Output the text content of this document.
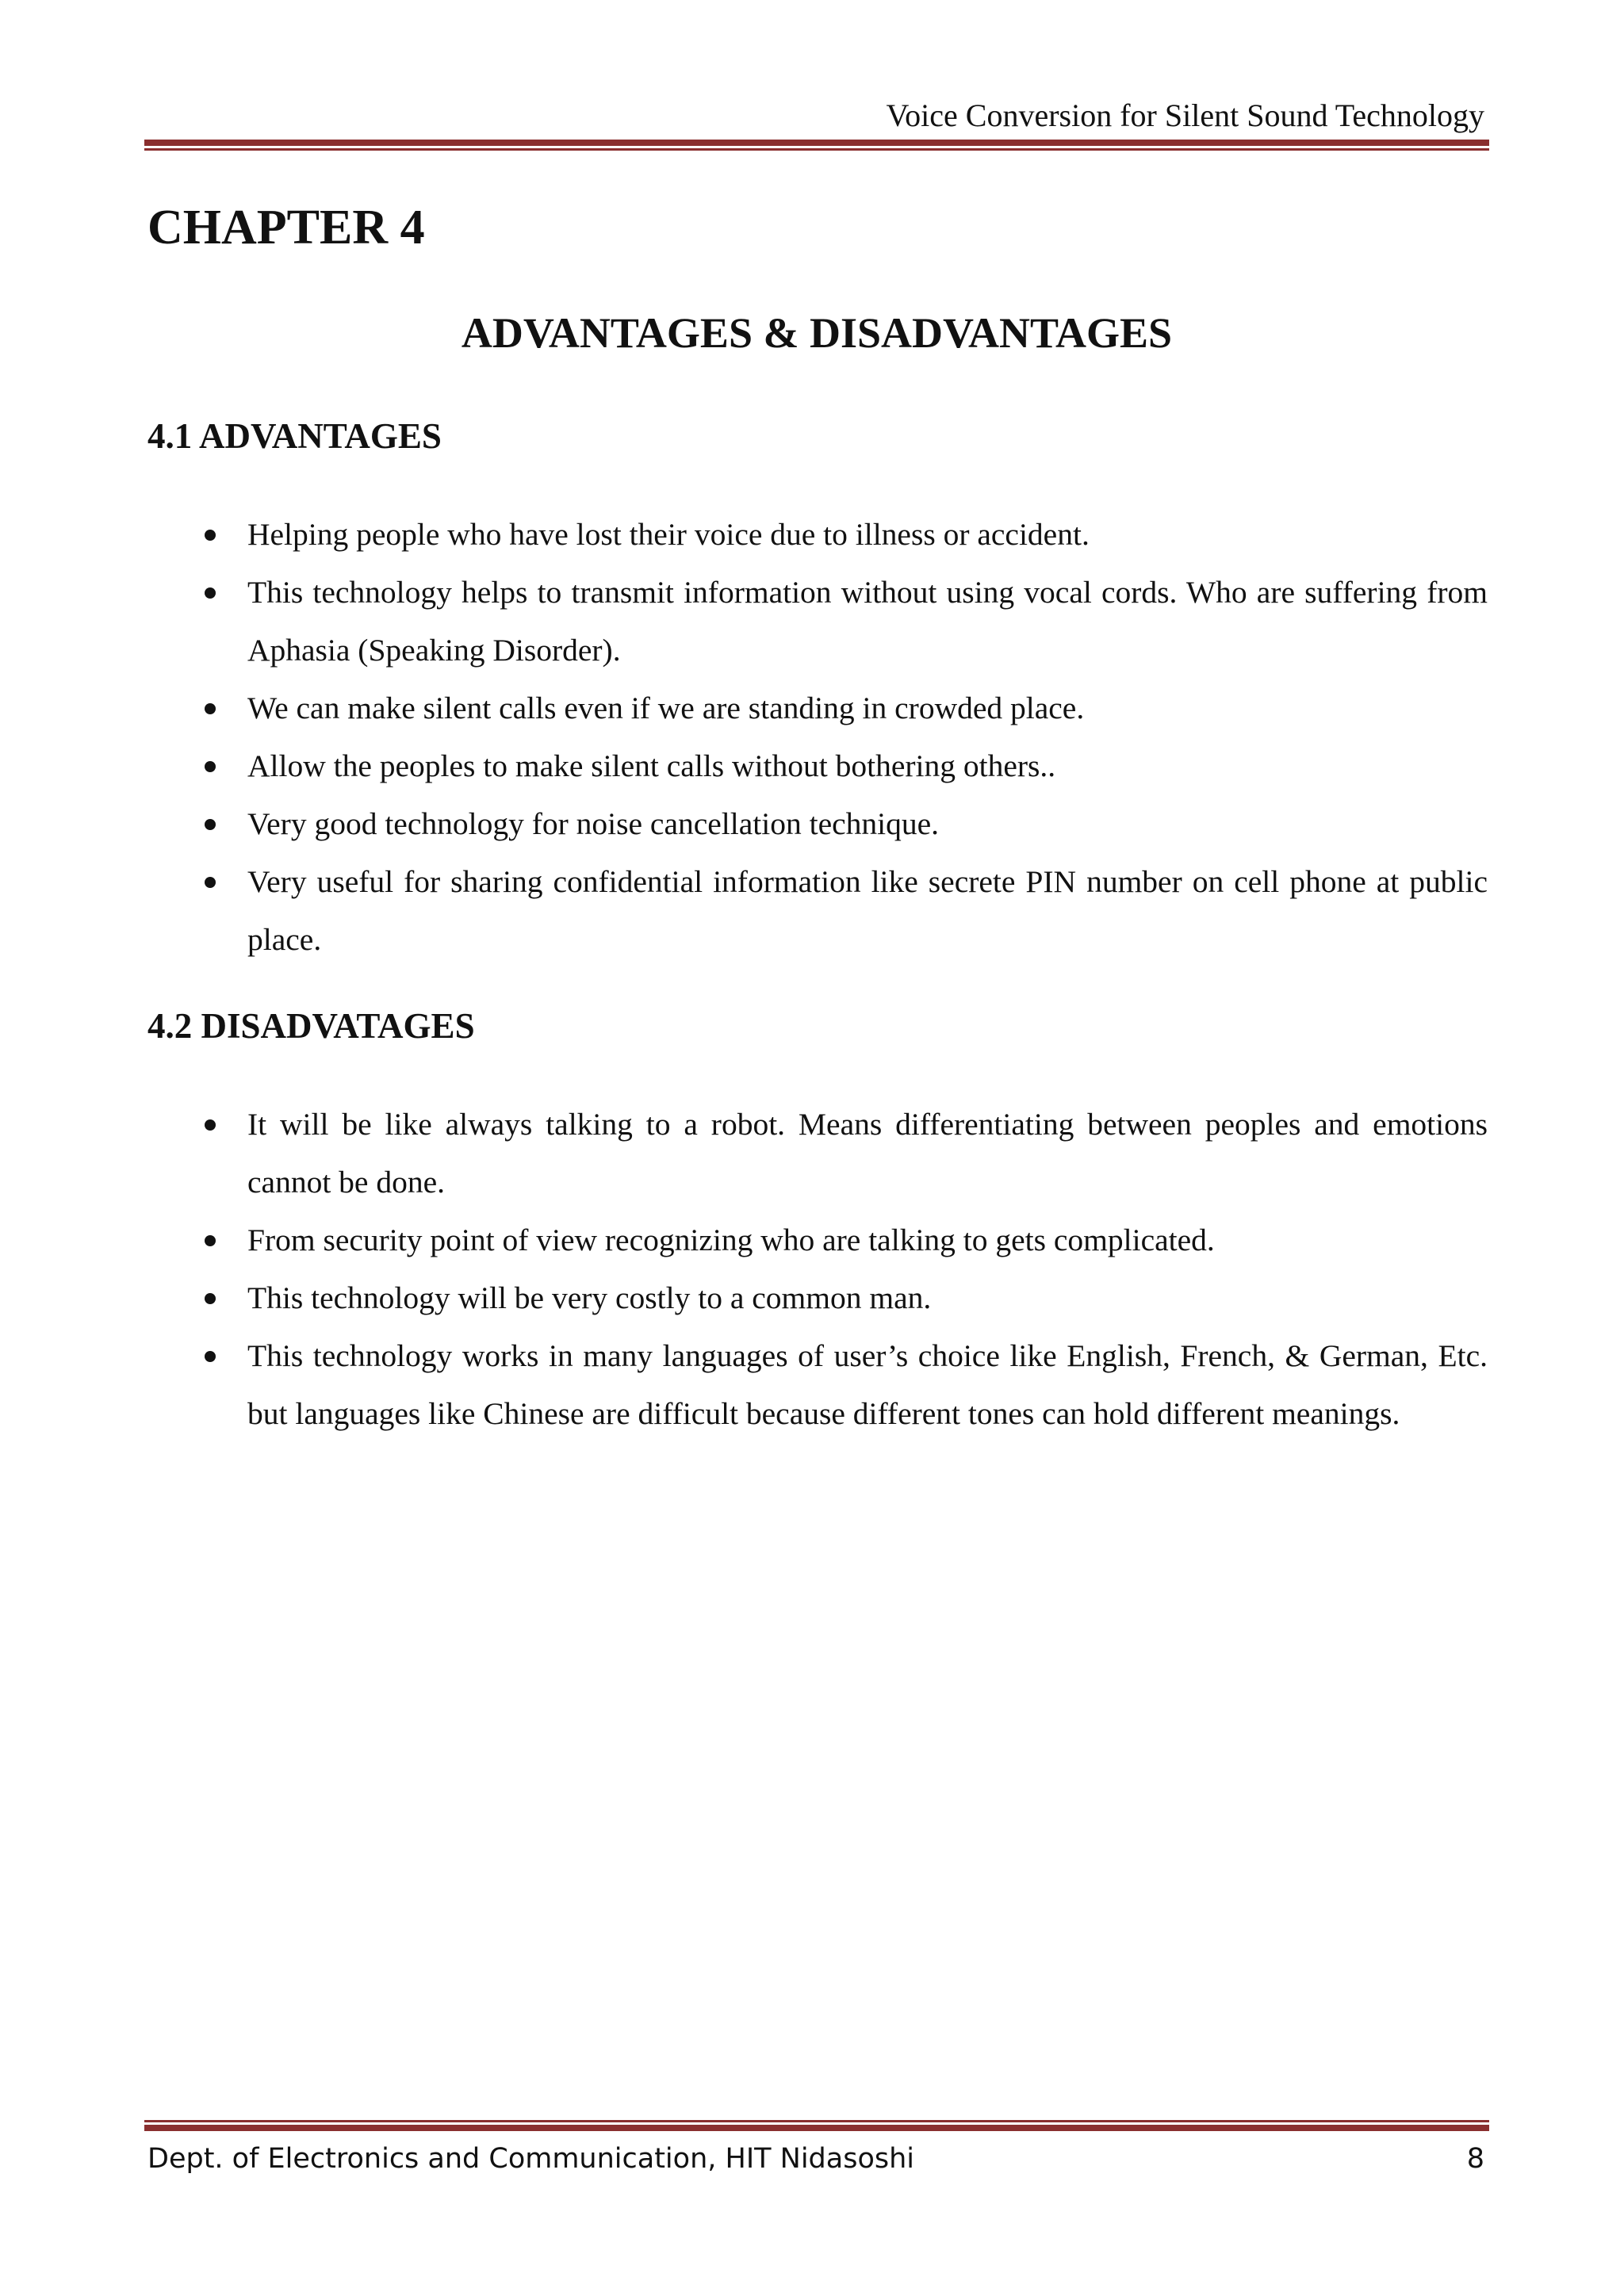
Voice Conversion for Silent Sound Technology
CHAPTER 4
ADVANTAGES & DISADVANTAGES
4.1 ADVANTAGES
Helping people who have lost their voice due to illness or accident.
This technology helps to transmit information without using vocal cords. Who are suffering from Aphasia (Speaking Disorder).
We can make silent calls even if we are standing in crowded place.
Allow the peoples to make silent calls without bothering others..
Very good technology for noise cancellation technique.
Very useful for sharing confidential information like secrete PIN number on cell phone at public place.
4.2 DISADVATAGES
It will be like always talking to a robot. Means differentiating between peoples and emotions cannot be done.
From security point of view recognizing who are talking to gets complicated.
This technology will be very costly to a common man.
This technology works in many languages of user’s choice like English, French, & German, Etc. but languages like Chinese are difficult because different tones can hold different meanings.
Dept. of Electronics and Communication, HIT Nidasoshi	8
